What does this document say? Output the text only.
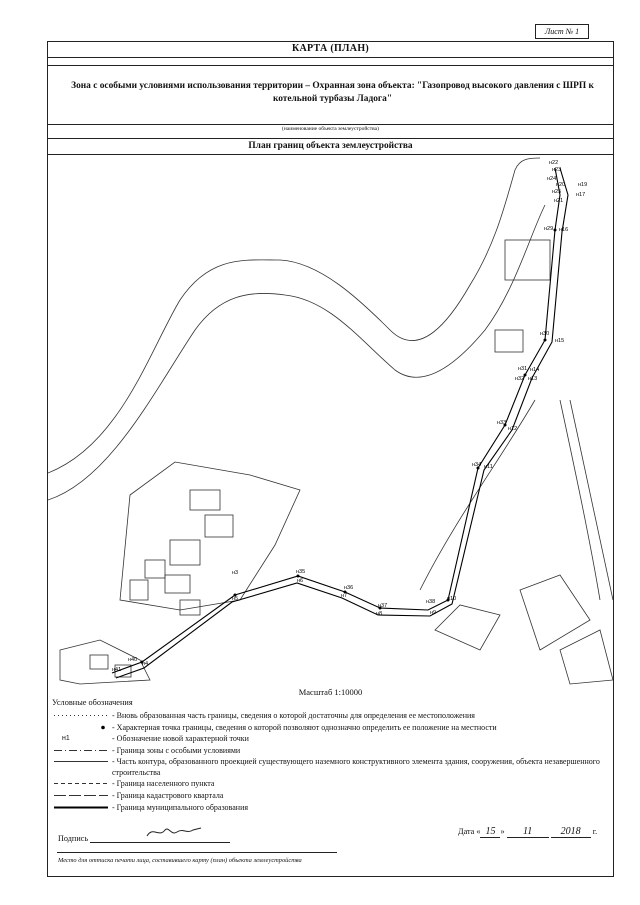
Лист № 1
КАРТА (ПЛАН)
Зона с особыми условиями использования территории – Охранная зона объекта: "Газопровод высокого давления с ШРП к котельной турбазы Ладога"
(наименование объекта землеустройства)
План границ объекта землеустройства
н22
н23
н24
н20 н19
н25	н17
н21
н29 н16
н30
н15
н31 н14
н32 н13
н33
н12
н34 н11
н38 н10
н9
н37
н8
н36
н7
н35
н6
н5
н3
н40
н4
н41
Масштаб 1:10000
Условные обозначения
- Вновь образованная часть границы, сведения о которой достаточны для определения ее местоположения
- Характерная точка границы, сведения о которой позволяют однозначно определить ее положение на местности
н1	- Обозначение новой характерной точки
- Граница зоны с особыми условиями
- Часть контура, образованного проекцией существующего наземного конструктивного элемента здания, сооружения, объекта незавершенного строительства
- Граница населенного пункта
- Граница кадастрового квартала
- Граница муниципального образования
Подпись
Дата « 15 » 11	2018 г.
Место для оттиска печати лица, составившего карту (план) объекта землеустройства
